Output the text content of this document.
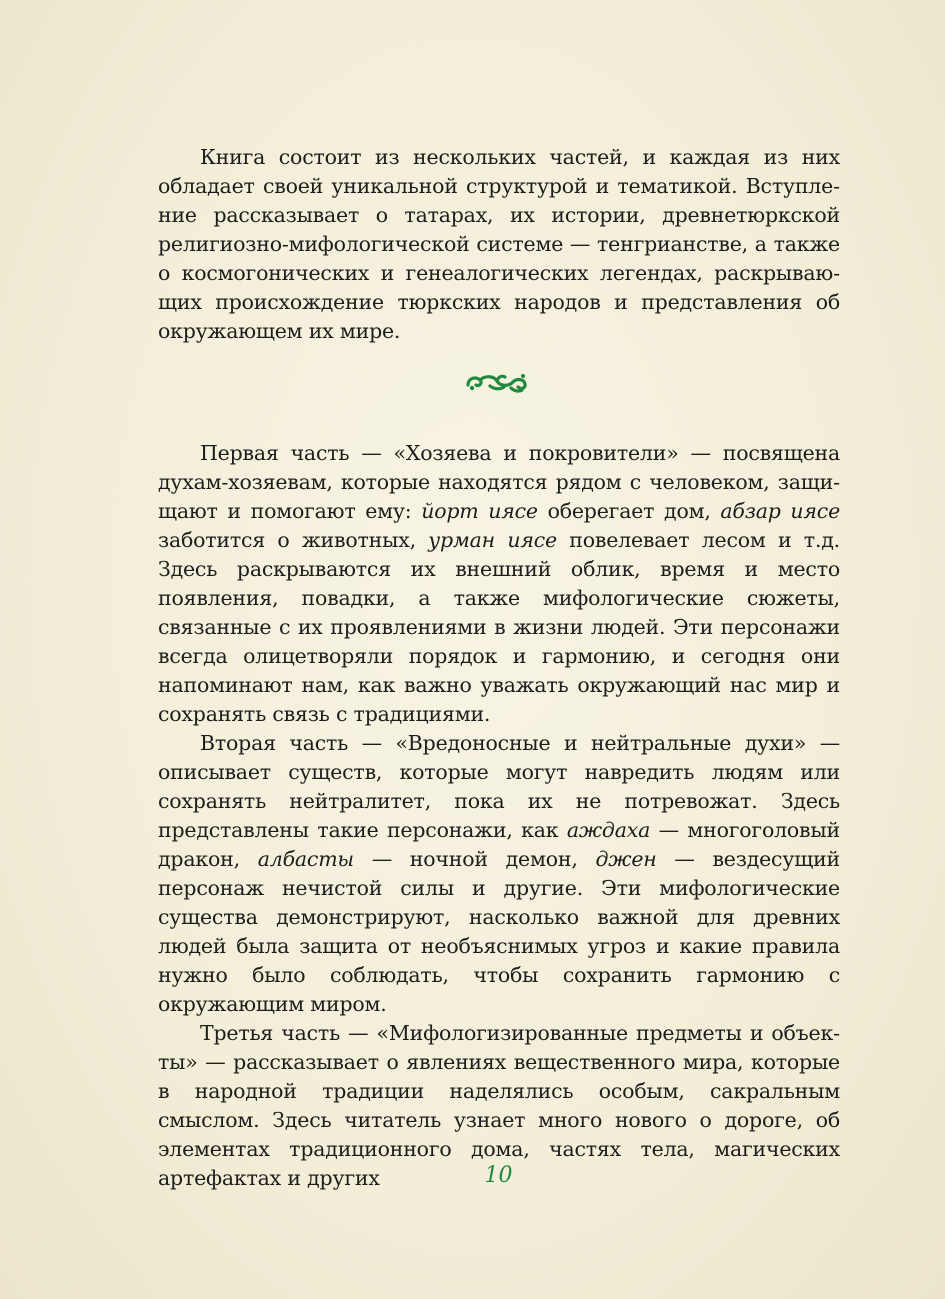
Книга состоит из нескольких частей, и каждая из них обладает своей уникальной структурой и тематикой. Вступление рассказывает о татарах, их истории, древнетюркской религиозно-мифологической системе — тенгрианстве, а также о космогонических и генеалогических легендах, раскрывающих происхождение тюркских народов и представления об окружающем их мире.

Первая часть — «Хозяева и покровители» — посвящена духам-хозяевам, которые находятся рядом с человеком, защищают и помогают ему: йорт иясе оберегает дом, абзар иясе заботится о животных, урман иясе повелевает лесом и т.д. Здесь раскрываются их внешний облик, время и место появления, повадки, а также мифологические сюжеты, связанные с их проявлениями в жизни людей. Эти персонажи всегда олицетворяли порядок и гармонию, и сегодня они напоминают нам, как важно уважать окружающий нас мир и сохранять связь с традициями.

Вторая часть — «Вредоносные и нейтральные духи» — описывает существ, которые могут навредить людям или сохранять нейтралитет, пока их не потревожат. Здесь представлены такие персонажи, как аждаха — многоголовый дракон, албасты — ночной демон, джен — вездесущий персонаж нечистой силы и другие. Эти мифологические существа демонстрируют, насколько важной для древних людей была защита от необъяснимых угроз и какие правила нужно было соблюдать, чтобы сохранить гармонию с окружающим миром.

Третья часть — «Мифологизированные предметы и объекты» — рассказывает о явлениях вещественного мира, которые в народной традиции наделялись особым, сакральным смыслом. Здесь читатель узнает много нового о дороге, об элементах традиционного дома, частях тела, магических артефактах и других	10
